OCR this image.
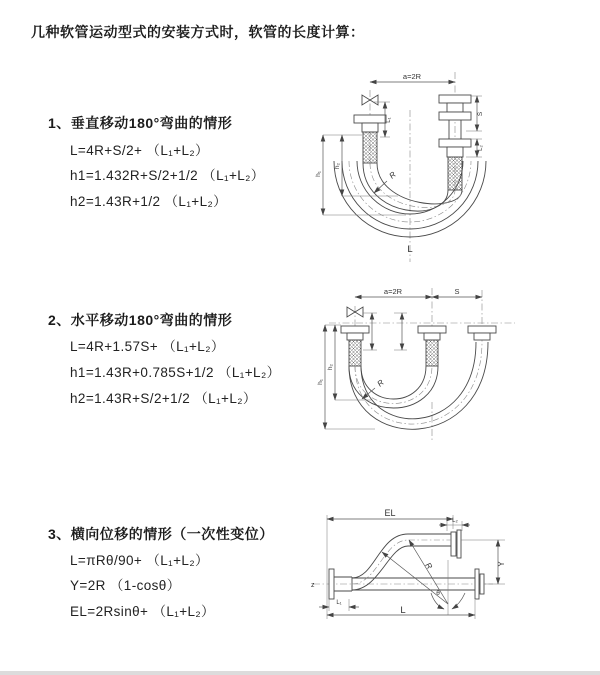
几种软管运动型式的安装方式时，软管的长度计算：
1、垂直移动180°弯曲的情形
L=4R+S/2+ （L₁+L₂）
h1=1.432R+S/2+1/2 （L₁+L₂）
h2=1.43R+1/2 （L₁+L₂）
2、水平移动180°弯曲的情形
L=4R+1.57S+ （L₁+L₂）
h1=1.43R+0.785S+1/2 （L₁+L₂）
h2=1.43R+S/2+1/2 （L₁+L₂）
3、横向位移的情形（一次性变位）
L=πRθ/90+ （L₁+L₂）
Y=2R （1-cosθ）
EL=2Rsinθ+ （L₁+L₂）
a=2R
h₁
h₂
L₁
S
L₂
R
L
a=2R	S
h₁
h₂
R
z
EL
L₂
Y
R
θ
L
L₁
